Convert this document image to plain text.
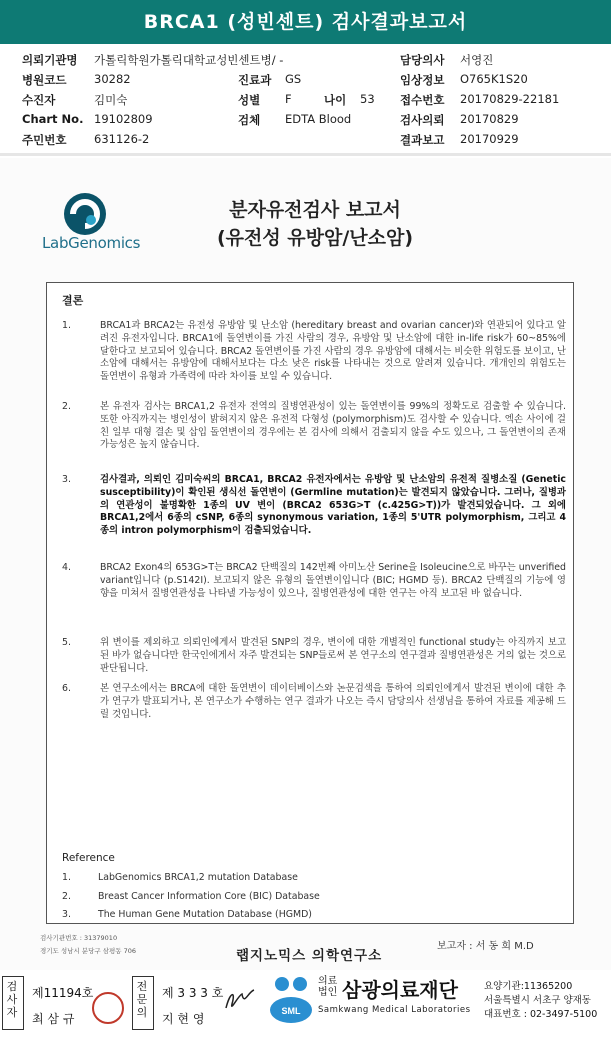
BRCA1 (성빈센트) 검사결과보고서
의뢰기관명 가톨릭학원가톨릭대학교성빈센트병/ -	담당의사 서영진
병원코드 30282	진료과 GS	임상정보 O765K1S20
수진자	김미숙	성별 F	나이 53 접수번호 20170829-22181
Chart No. 19102809	검체 EDTA Blood	검사의뢰 20170829
주민번호 631126-2	결과보고 20170929
LabGenomics
분자유전검사 보고서
(유전성 유방암/난소암)
결론
1.	BRCA1과 BRCA2는 유전성 유방암 및 난소암 (hereditary breast and ovarian cancer)와 연관되어 있다고 알려진 유전자입니다. BRCA1에 돌연변이를 가진 사람의 경우, 유방암 및 난소암에 대한 in-life risk가 60~85%에 달한다고 보고되어 있습니다. BRCA2 돌연변이를 가진 사람의 경우 유방암에 대해서는 비슷한 위험도를 보이고, 난소암에 대해서는 유방암에 대해서보다는 다소 낮은 risk를 나타내는 것으로 알려져 있습니다. 개개인의 위험도는 돌연변이 유형과 가족력에 따라 차이를 보일 수 있습니다.
2.	본 유전자 검사는 BRCA1,2 유전자 전역의 질병연관성이 있는 돌연변이를 99%의 정확도로 검출할 수 있습니다. 또한 아직까지는 병인성이 밝혀지지 않은 유전적 다형성 (polymorphism)도 검사할 수 있습니다. 엑손 사이에 걸친 일부 대형 결손 및 삽입 돌연변이의 경우에는 본 검사에 의해서 검출되지 않을 수도 있으나, 그 돌연변이의 존재 가능성은 높지 않습니다.
3.	검사결과, 의뢰인 김미숙씨의 BRCA1, BRCA2 유전자에서는 유방암 및 난소암의 유전적 질병소질 (Genetic susceptibility)이 확인된 생식선 돌연변이 (Germline mutation)는 발견되지 않았습니다. 그러나, 질병과의 연관성이 불명확한 1종의 UV 변이 (BRCA2 653G>T (c.425G>T))가 발견되었습니다. 그 외에 BRCA1,2에서 6종의 cSNP, 6종의 synonymous variation, 1종의 5'UTR polymorphism, 그리고 4종의 intron polymorphism이 검출되었습니다.
4.	BRCA2 Exon4의 653G>T는 BRCA2 단백질의 142번째 아미노산 Serine을 Isoleucine으로 바꾸는 unverified variant입니다 (p.S142I). 보고되지 않은 유형의 돌연변이입니다 (BIC; HGMD 등). BRCA2 단백질의 기능에 영향을 미쳐서 질병연관성을 나타낼 가능성이 있으나, 질병연관성에 대한 연구는 아직 보고된 바 없습니다.
5.	위 변이를 제외하고 의뢰인에게서 발견된 SNP의 경우, 변이에 대한 개별적인 functional study는 아직까지 보고된 바가 없습니다만 한국인에게서 자주 발견되는 SNP들로써 본 연구소의 연구결과 질병연관성은 거의 없는 것으로 판단됩니다.
6.	본 연구소에서는 BRCA에 대한 돌연변이 데이터베이스와 논문검색을 통하여 의뢰인에게서 발견된 변이에 대한 추가 연구가 발표되거나, 본 연구소가 수행하는 연구 결과가 나오는 즉시 담당의사 선생님을 통하여 자료를 제공해 드릴 것입니다.
Reference
1.	LabGenomics BRCA1,2 mutation Database
2.	Breast Cancer Information Core (BIC) Database
3.	The Human Gene Mutation Database (HGMD)
검사기관번호 : 31379010
경기도 성남시 분당구 삼평동 706	랩지노믹스 의학연구소
보고자 : 서 동 희 M.D
검사자
제11194호
최 삼 규
전문의
제 3 3 3 호
지 현 영
SML
의료법인 삼광의료재단
Samkwang Medical Laboratories
요양기관:11365200
서울특별시 서초구 양재동
대표번호 : 02-3497-5100
